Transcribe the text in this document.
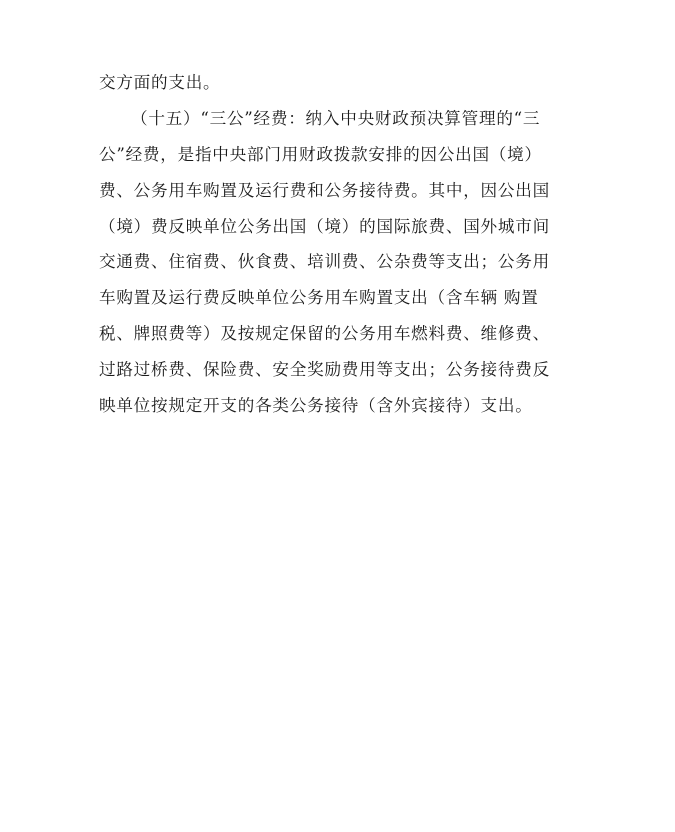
交方面的支出。

（十五）“三公”经费：纳入中央财政预决算管理的“三

公”经费，是指中央部门用财政拨款安排的因公出国（境）

费、公务用车购置及运行费和公务接待费。其中，因公出国

（境）费反映单位公务出国（境）的国际旅费、国外城市间

交通费、住宿费、伙食费、培训费、公杂费等支出；公务用

车购置及运行费反映单位公务用车购置支出（含车辆 购置

税、牌照费等）及按规定保留的公务用车燃料费、维修费、

过路过桥费、保险费、安全奖励费用等支出；公务接待费反

映单位按规定开支的各类公务接待（含外宾接待）支出。
